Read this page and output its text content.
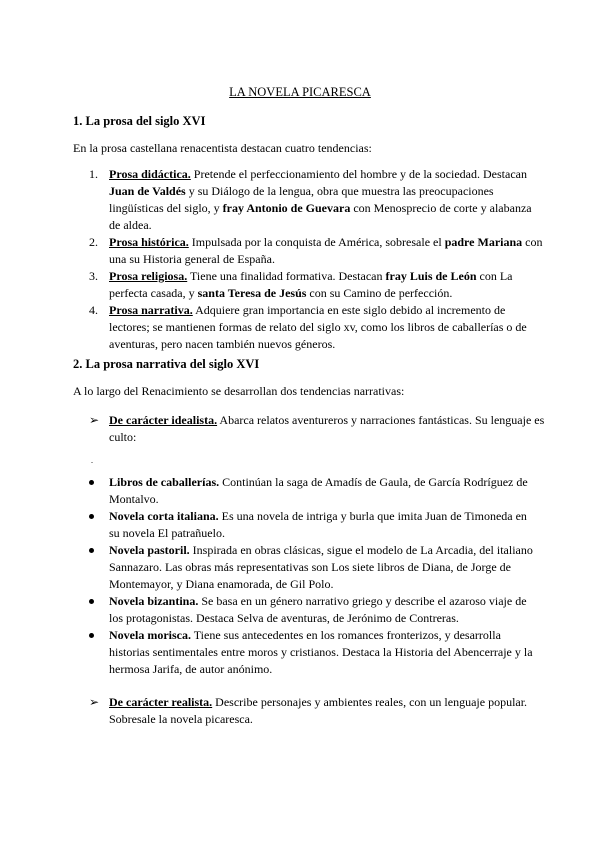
LA NOVELA PICARESCA
1. La prosa del siglo XVI
En la prosa castellana renacentista destacan cuatro tendencias:
1. Prosa didáctica. Pretende el perfeccionamiento del hombre y de la sociedad. Destacan Juan de Valdés y su Diálogo de la lengua, obra que muestra las preocupaciones lingüísticas del siglo, y fray Antonio de Guevara con Menosprecio de corte y alabanza de aldea.
2. Prosa histórica. Impulsada por la conquista de América, sobresale el padre Mariana con una su Historia general de España.
3. Prosa religiosa. Tiene una finalidad formativa. Destacan fray Luis de León con La perfecta casada, y santa Teresa de Jesús con su Camino de perfección.
4. Prosa narrativa. Adquiere gran importancia en este siglo debido al incremento de lectores; se mantienen formas de relato del siglo xv, como los libros de caballerías o de aventuras, pero nacen también nuevos géneros.
2. La prosa narrativa del siglo XVI
A lo largo del Renacimiento se desarrollan dos tendencias narrativas:
➢ De carácter idealista. Abarca relatos aventureros y narraciones fantásticas. Su lenguaje es culto:
.
Libros de caballerías. Continúan la saga de Amadís de Gaula, de García Rodríguez de Montalvo.
Novela corta italiana. Es una novela de intriga y burla que imita Juan de Timoneda en su novela El patrañuelo.
Novela pastoril. Inspirada en obras clásicas, sigue el modelo de La Arcadia, del italiano Sannazaro. Las obras más representativas son Los siete libros de Diana, de Jorge de Montemayor, y Diana enamorada, de Gil Polo.
Novela bizantina. Se basa en un género narrativo griego y describe el azaroso viaje de los protagonistas. Destaca Selva de aventuras, de Jerónimo de Contreras.
Novela morisca. Tiene sus antecedentes en los romances fronterizos, y desarrolla historias sentimentales entre moros y cristianos. Destaca la Historia del Abencerraje y la hermosa Jarifa, de autor anónimo.
➢ De carácter realista. Describe personajes y ambientes reales, con un lenguaje popular. Sobresale la novela picaresca.
